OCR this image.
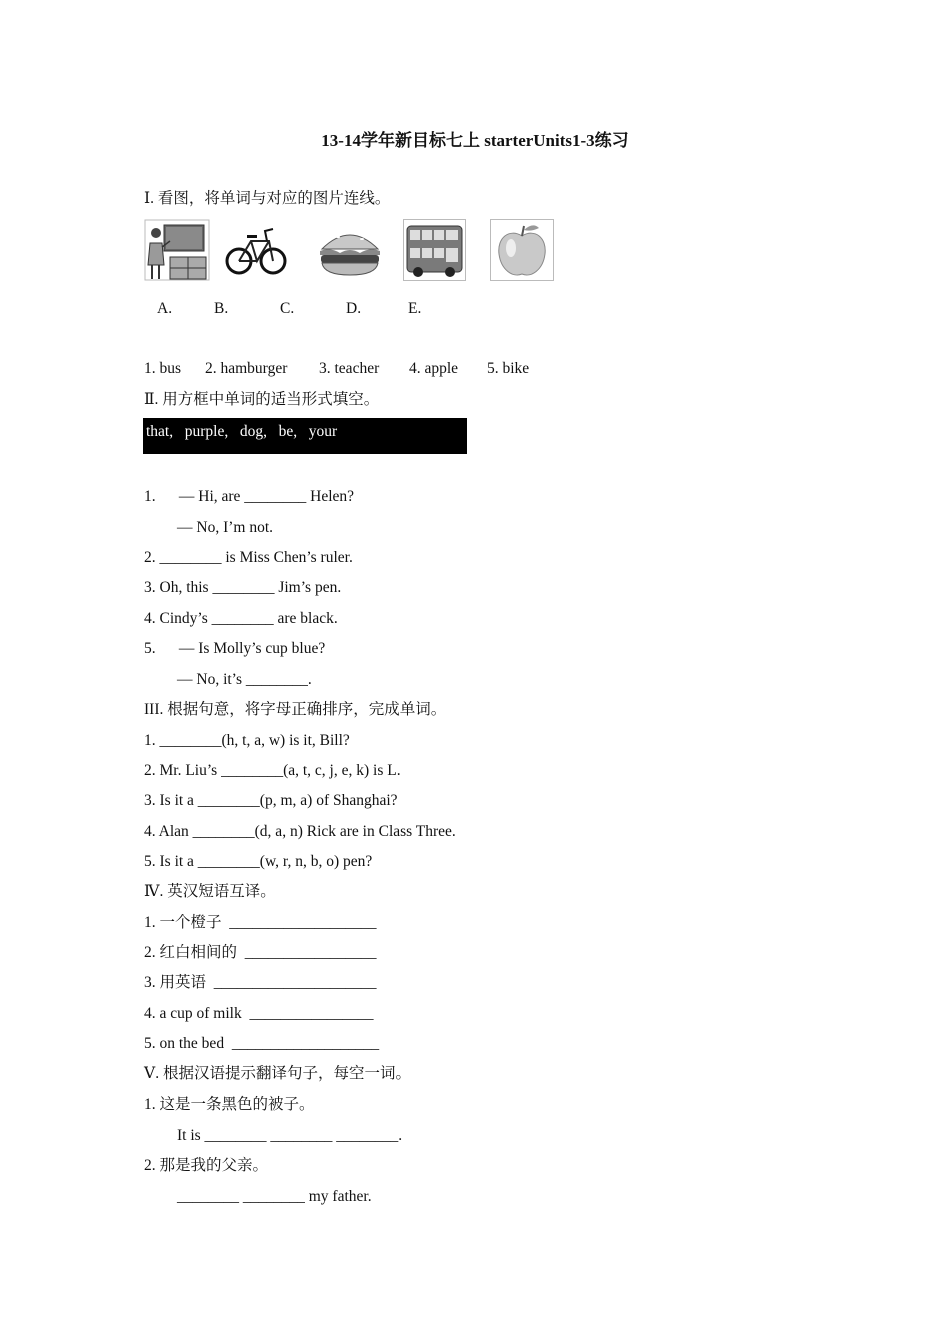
13-14学年新目标七上 starterUnits1-3练习
Ⅰ. 看图，将单词与对应的图片连线。
A.	B.	C.	D.	E.
1. bus 2. hamburger 3. teacher 4. apple 5. bike
Ⅱ. 用方框中单词的适当形式填空。
that,   purple,   dog,   be,   your
1.      — Hi, are ________ Helen?
— No, I’m not.
2. ________ is Miss Chen’s ruler.
3. Oh, this ________ Jim’s pen.
4. Cindy’s ________ are black.
5.      — Is Molly’s cup blue?
— No, it’s ________.
III. 根据句意，将字母正确排序，完成单词。
1. ________(h, t, a, w) is it, Bill?
2. Mr. Liu’s ________(a, t, c, j, e, k) is L.
3. Is it a ________(p, m, a) of Shanghai?
4. Alan ________(d, a, n) Rick are in Class Three.
5. Is it a ________(w, r, n, b, o) pen?
Ⅳ. 英汉短语互译。
1. 一个橙子  ___________________
2. 红白相间的  _________________
3. 用英语  _____________________
4. a cup of milk  ________________
5. on the bed  ___________________
Ⅴ. 根据汉语提示翻译句子，每空一词。
1. 这是一条黑色的被子。
It is ________ ________ ________.
2. 那是我的父亲。
________ ________ my father.
